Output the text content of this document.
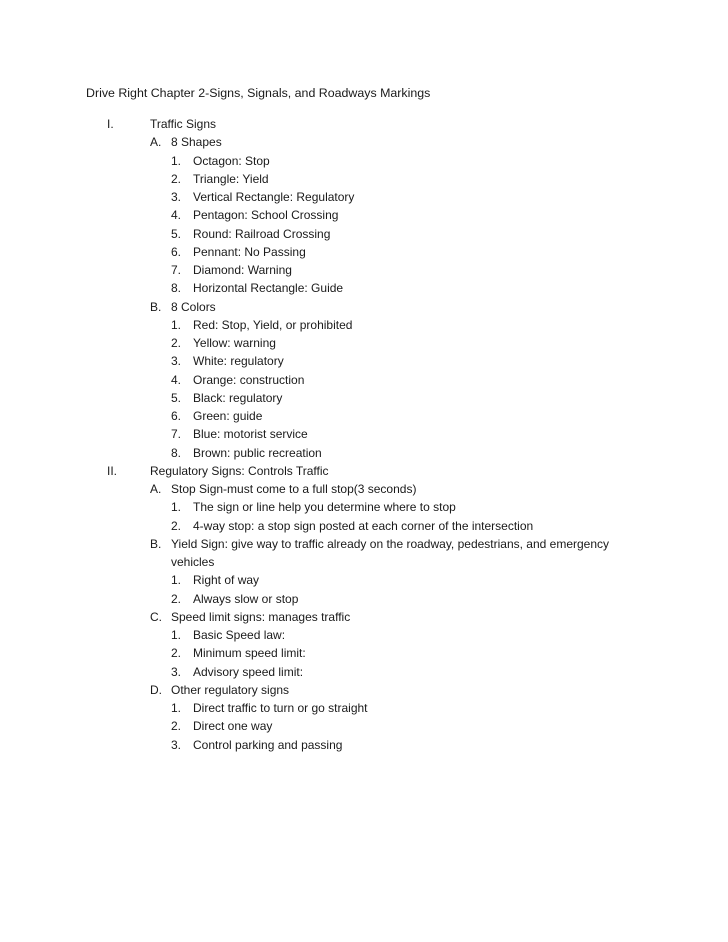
Drive Right Chapter 2-Signs, Signals, and Roadways Markings
I.	Traffic Signs
A. 8 Shapes
1. Octagon: Stop
2. Triangle: Yield
3. Vertical Rectangle: Regulatory
4. Pentagon: School Crossing
5. Round: Railroad Crossing
6. Pennant: No Passing
7. Diamond: Warning
8. Horizontal Rectangle: Guide
B. 8 Colors
1. Red: Stop, Yield, or prohibited
2. Yellow: warning
3. White: regulatory
4. Orange: construction
5. Black: regulatory
6. Green: guide
7. Blue: motorist service
8. Brown: public recreation
II.	Regulatory Signs: Controls Traffic
A. Stop Sign-must come to a full stop(3 seconds)
1. The sign or line help you determine where to stop
2. 4-way stop: a stop sign posted at each corner of the intersection
B. Yield Sign: give way to traffic already on the roadway, pedestrians, and emergency
vehicles
1. Right of way
2. Always slow or stop
C. Speed limit signs: manages traffic
1. Basic Speed law:
2. Minimum speed limit:
3. Advisory speed limit:
D. Other regulatory signs
1. Direct traffic to turn or go straight
2. Direct one way
3. Control parking and passing
